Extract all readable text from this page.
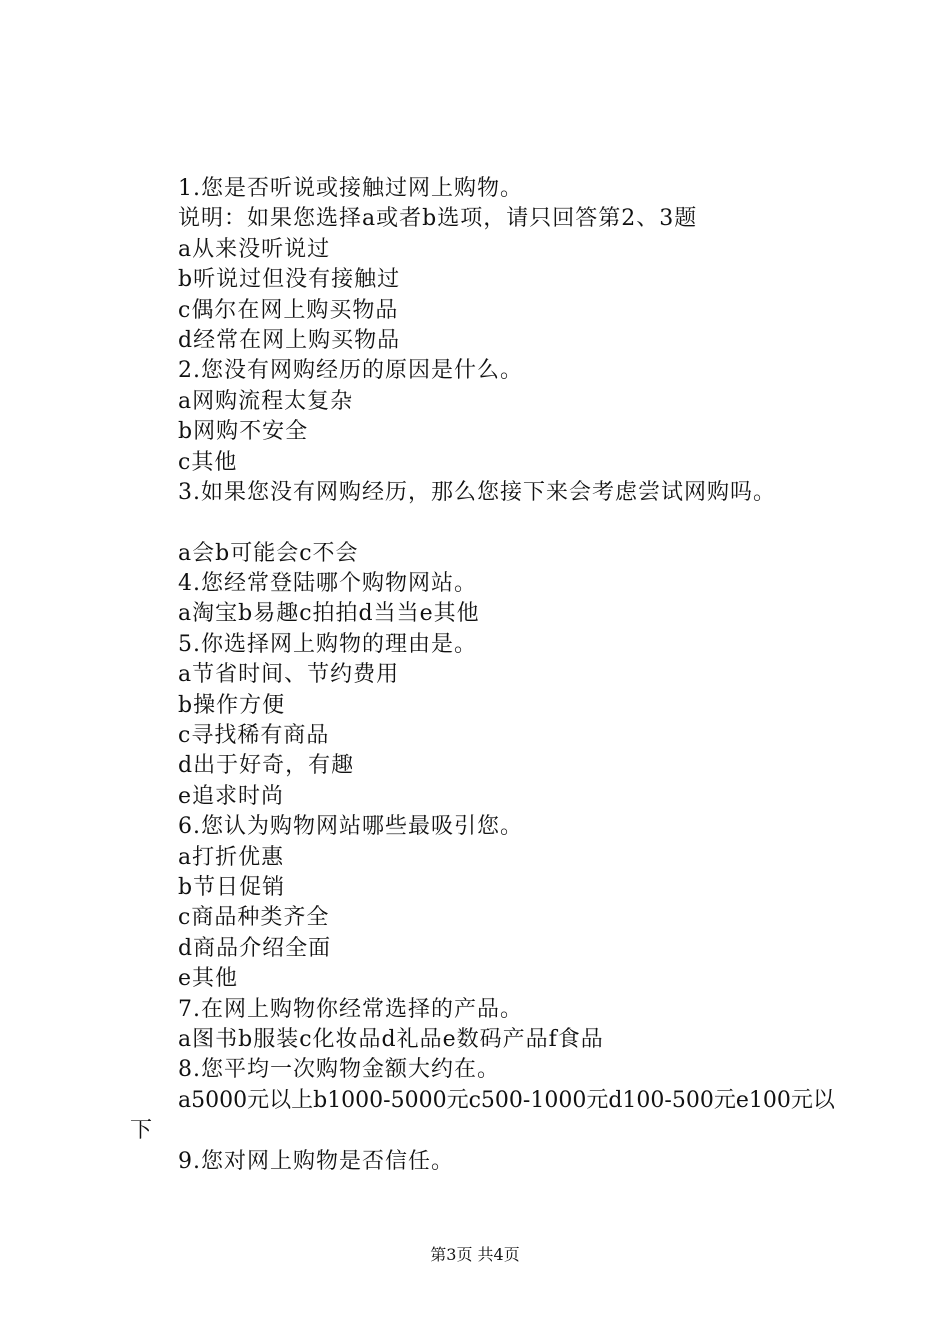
1.您是否听说或接触过网上购物。
说明：如果您选择a或者b选项，请只回答第2、3题
a从来没听说过
b听说过但没有接触过
c偶尔在网上购买物品
d经常在网上购买物品
2.您没有网购经历的原因是什么。
a网购流程太复杂
b网购不安全
c其他
3.如果您没有网购经历，那么您接下来会考虑尝试网购吗。
a会b可能会c不会
4.您经常登陆哪个购物网站。
a淘宝b易趣c拍拍d当当e其他
5.你选择网上购物的理由是。
a节省时间、节约费用
b操作方便
c寻找稀有商品
d出于好奇，有趣
e追求时尚
6.您认为购物网站哪些最吸引您。
a打折优惠
b节日促销
c商品种类齐全
d商品介绍全面
e其他
7.在网上购物你经常选择的产品。
a图书b服装c化妆品d礼品e数码产品f食品
8.您平均一次购物金额大约在。
a5000元以上b1000-5000元c500-1000元d100-500元e100元以下
9.您对网上购物是否信任。
第3页 共4页
